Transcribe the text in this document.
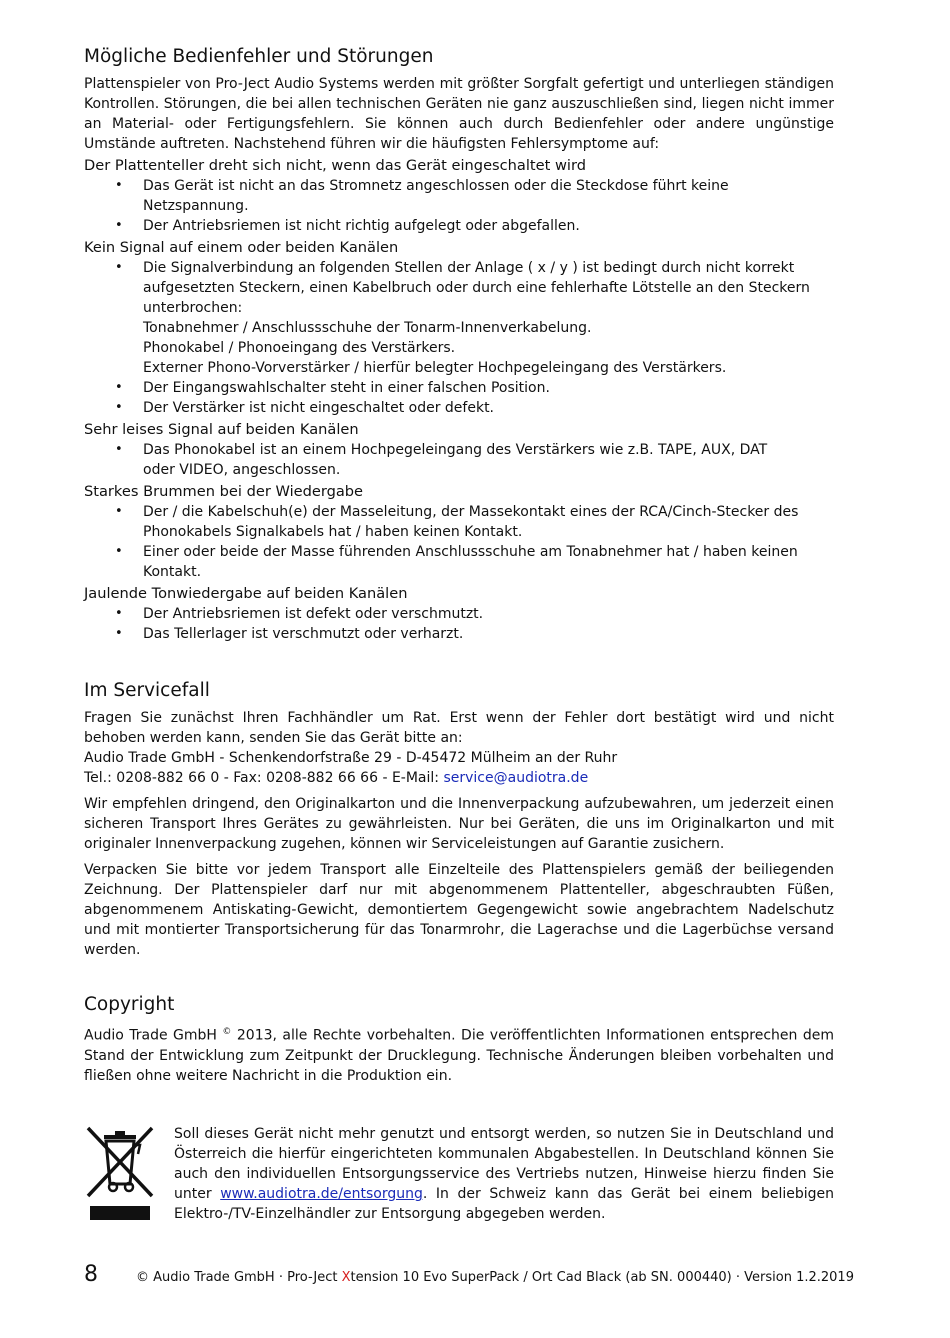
Mögliche Bedienfehler und Störungen

Plattenspieler von Pro-Ject Audio Systems werden mit größter Sorgfalt gefertigt und unterliegen ständigen Kontrollen. Störungen, die bei allen technischen Geräten nie ganz auszuschließen sind, liegen nicht immer an Material- oder Fertigungsfehlern. Sie können auch durch Bedienfehler oder andere ungünstige Umstände auftreten. Nachstehend führen wir die häufigsten Fehlersymptome auf:

Der Plattenteller dreht sich nicht, wenn das Gerät eingeschaltet wird
• Das Gerät ist nicht an das Stromnetz angeschlossen oder die Steckdose führt keine Netzspannung.
• Der Antriebsriemen ist nicht richtig aufgelegt oder abgefallen.
Kein Signal auf einem oder beiden Kanälen
• Die Signalverbindung an folgenden Stellen der Anlage ( x / y ) ist bedingt durch nicht korrekt
aufgesetzten Steckern, einen Kabelbruch oder durch eine fehlerhafte Lötstelle an den Steckern
unterbrochen:
Tonabnehmer / Anschlussschuhe der Tonarm-Innenverkabelung.
Phonokabel / Phonoeingang des Verstärkers.
Externer Phono-Vorverstärker / hierfür belegter Hochpegeleingang des Verstärkers.
• Der Eingangswahlschalter steht in einer falschen Position.
• Der Verstärker ist nicht eingeschaltet oder defekt.
Sehr leises Signal auf beiden Kanälen
• Das Phonokabel ist an einem Hochpegeleingang des Verstärkers wie z.B. TAPE, AUX, DAT
oder VIDEO, angeschlossen.
Starkes Brummen bei der Wiedergabe
• Der / die Kabelschuh(e) der Masseleitung, der Massekontakt eines der RCA/Cinch-Stecker des
Phonokabels Signalkabels hat / haben keinen Kontakt.
• Einer oder beide der Masse führenden Anschlussschuhe am Tonabnehmer hat / haben keinen Kontakt.
Jaulende Tonwiedergabe auf beiden Kanälen
• Der Antriebsriemen ist defekt oder verschmutzt.
• Das Tellerlager ist verschmutzt oder verharzt.
Im Servicefall

Fragen Sie zunächst Ihren Fachhändler um Rat. Erst wenn der Fehler dort bestätigt wird und nicht behoben werden kann, senden Sie das Gerät bitte an:

Audio Trade GmbH - Schenkendorfstraße 29 - D-45472 Mülheim an der Ruhr

Tel.: 0208-882 66 0 - Fax: 0208-882 66 66 - E-Mail: service@audiotra.de

Wir empfehlen dringend, den Originalkarton und die Innenverpackung aufzubewahren, um jederzeit einen sicheren Transport Ihres Gerätes zu gewährleisten. Nur bei Geräten, die uns im Originalkarton und mit originaler Innenverpackung zugehen, können wir Serviceleistungen auf Garantie zusichern.

Verpacken Sie bitte vor jedem Transport alle Einzelteile des Plattenspielers gemäß der beiliegenden Zeichnung. Der Plattenspieler darf nur mit abgenommenem Plattenteller, abgeschraubten Füßen, abgenommenem Antiskating-Gewicht, demontiertem Gegengewicht sowie angebrachtem Nadelschutz und mit montierter Transportsicherung für das Tonarmrohr, die Lagerachse und die Lagerbüchse versand werden.

Copyright

Audio Trade GmbH © 2013, alle Rechte vorbehalten. Die veröffentlichten Informationen entsprechen dem Stand der Entwicklung zum Zeitpunkt der Drucklegung. Technische Änderungen bleiben vorbehalten und fließen ohne weitere Nachricht in die Produktion ein.

Soll dieses Gerät nicht mehr genutzt und entsorgt werden, so nutzen Sie in Deutschland und Österreich die hierfür eingerichteten kommunalen Abgabestellen. In Deutschland können Sie auch den individuellen Entsorgungsservice des Vertriebs nutzen, Hinweise hierzu finden Sie unter www.audiotra.de/entsorgung. In der Schweiz kann das Gerät bei einem beliebigen Elektro-/TV-Einzelhändler zur Entsorgung abgegeben werden.

8	© Audio Trade GmbH · Pro-Ject Xtension 10 Evo SuperPack / Ort Cad Black (ab SN. 000440) · Version 1.2.2019
